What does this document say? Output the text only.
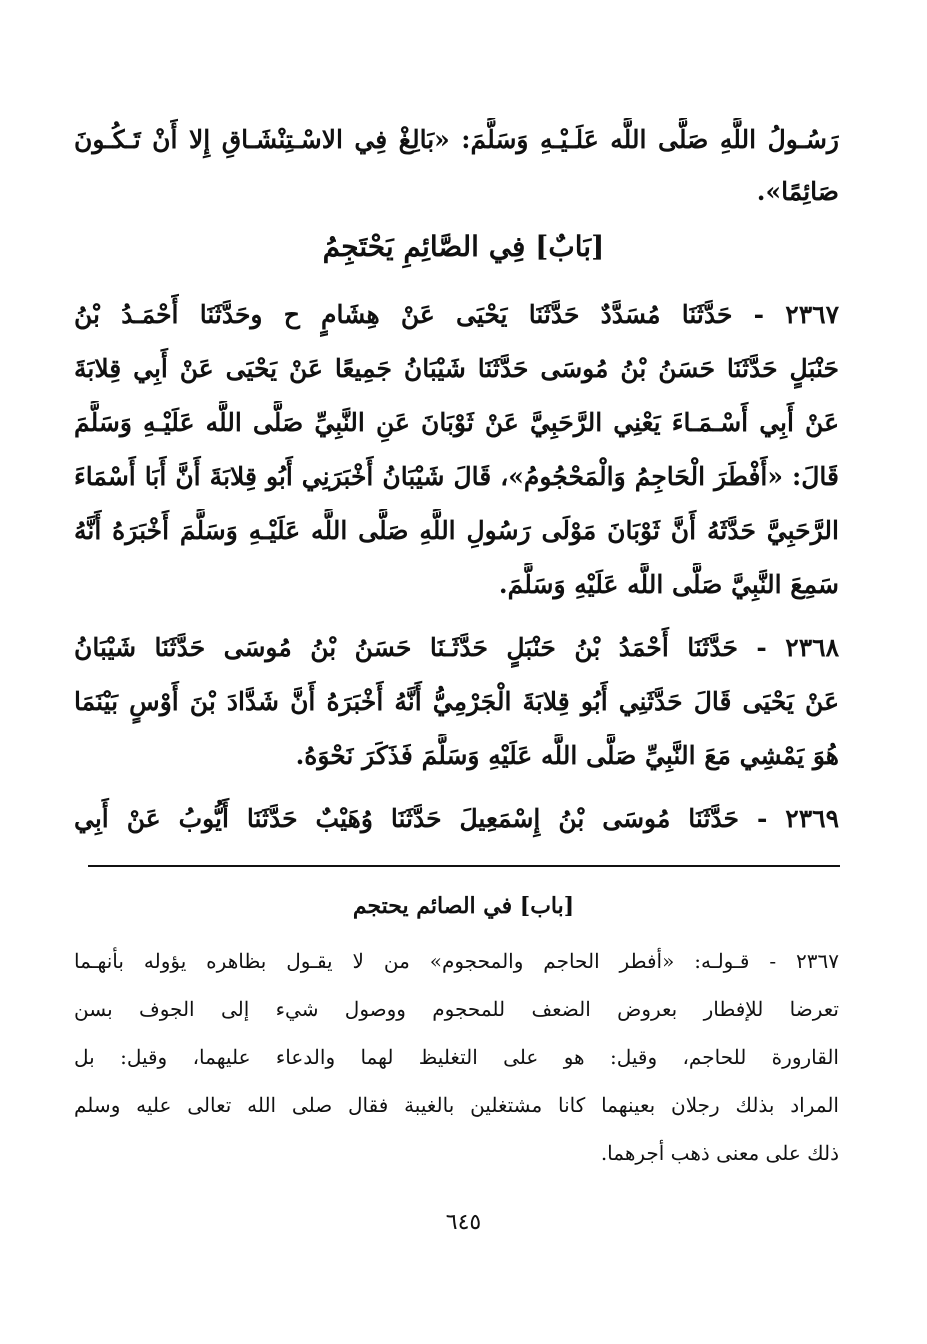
رَسُـولُ اللَّهِ صَلَّى اللَّه عَلَـيْـهِ وَسَلَّمَ: «بَالِغْ فِي الاسْـتِنْشَـاقِ إِلا أَنْ تَـكُـونَ
صَائِمًا».
[بَابٌ] فِي الصَّائِمِ يَحْتَجِمُ
٢٣٦٧ - حَدَّثَنَا مُسَدَّدٌ حَدَّثَنَا يَحْيَى عَنْ هِشَامٍ ح وحَدَّثَنَا أَحْمَـدُ بْنُ
حَنْبَلٍ حَدَّثَنَا حَسَنُ بْنُ مُوسَى حَدَّثَنَا شَيْبَانُ جَمِيعًا عَنْ يَحْيَى عَنْ أَبِي قِلابَةَ
عَنْ أَبِي أَسْـمَـاءَ يَعْنِي الرَّحَبِيَّ عَنْ ثَوْبَانَ عَنِ النَّبِيِّ صَلَّى اللَّه عَلَيْـهِ وَسَلَّمَ
قَالَ: «أَفْطَرَ الْحَاجِمُ وَالْمَحْجُومُ»، قَالَ شَيْبَانُ أَخْبَرَنِي أَبُو قِلابَةَ أَنَّ أَبَا أَسْمَاءَ
الرَّحَبِيَّ حَدَّثَهُ أَنَّ ثَوْبَانَ مَوْلَى رَسُولِ اللَّهِ صَلَّى اللَّه عَلَيْـهِ وَسَلَّمَ أَخْبَرَهُ أَنَّهُ
سَمِعَ النَّبِيَّ صَلَّى اللَّه عَلَيْهِ وَسَلَّمَ.
٢٣٦٨ - حَدَّثَنَا أَحْمَدُ بْنُ حَنْبَلٍ حَدَّثَـنَا حَسَنُ بْنُ مُوسَى حَدَّثَنَا شَيْبَانُ
عَنْ يَحْيَى قَالَ حَدَّثَنِي أَبُو قِلابَةَ الْجَرْمِيُّ أَنَّهُ أَخْبَرَهُ أَنَّ شَدَّادَ بْنَ أَوْسٍ بَيْنَمَا
هُوَ يَمْشِي مَعَ النَّبِيِّ صَلَّى اللَّه عَلَيْهِ وَسَلَّمَ فَذَكَرَ نَحْوَهُ.
٢٣٦٩ - حَدَّثَنَا مُوسَى بْنُ إِسْمَعِيلَ حَدَّثَنَا وُهَيْبٌ حَدَّثَنَا أَيُّوبُ عَنْ أَبِي
[باب] في الصائم يحتجم
٢٣٦٧ - قـولـه: «أفطر الحاجم والمحجوم» من لا يقـول بظاهره يؤوله بأنهـما
تعرضا للإفطار بعروض الضعف للمحجوم ووصول شيء إلى الجوف بسن
القارورة للحاجم، وقيل: هو على التغليظ لهما والدعاء عليهما، وقيل: بل
المراد بذلك رجلان بعينهما كانا مشتغلين بالغيبة فقال صلى الله تعالى عليه وسلم
ذلك على معنى ذهب أجرهما.
٦٤٥
